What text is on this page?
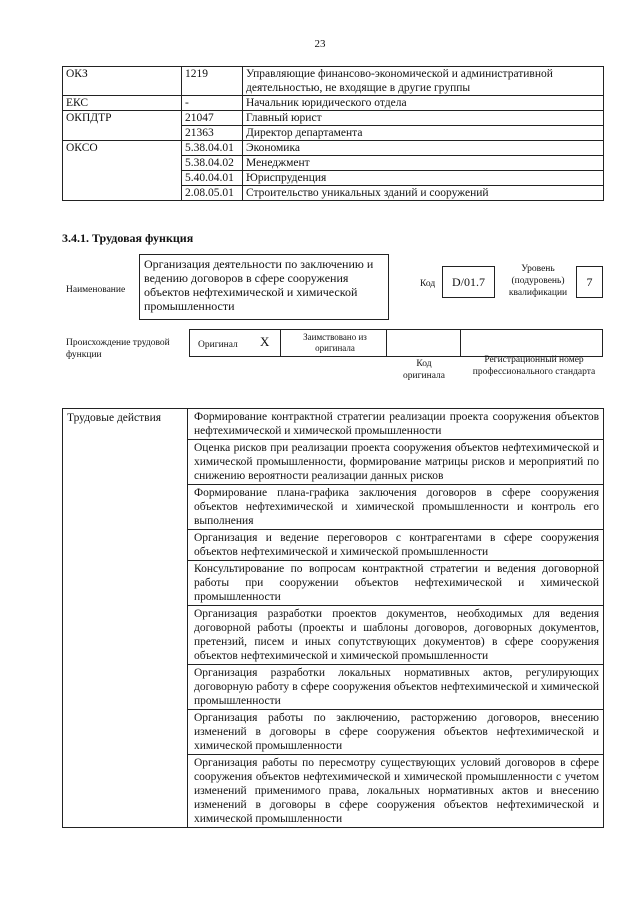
23
ОКЗ	1219	Управляющие финансово-экономической и административной деятельностью, не входящие в другие группы
ЕКС	-	Начальник юридического отдела
ОКПДТР	21047	Главный юрист
	21363	Директор департамента
ОКСО	5.38.04.01	Экономика
	5.38.04.02	Менеджмент
	5.40.04.01	Юриспруденция
	2.08.05.01	Строительство уникальных зданий и сооружений
3.4.1. Трудовая функция
Наименование
Организация деятельности по заключению и ведению договоров в сфере сооружения объектов нефтехимической и химической промышленности
Код	D/01.7
Уровень (подуровень) квалификации
7
Происхождение трудовой функции
Оригинал X	Заимствовано из оригинала
Код оригинала
Регистрационный номер профессионального стандарта
Трудовые действия	Формирование контрактной стратегии реализации проекта сооружения объектов нефтехимической и химической промышленности
Оценка рисков при реализации проекта сооружения объектов нефтехимической и химической промышленности, формирование матрицы рисков и мероприятий по снижению вероятности реализации данных рисков
Формирование плана-графика заключения договоров в сфере сооружения объектов нефтехимической и химической промышленности и контроль его выполнения
Организация и ведение переговоров с контрагентами в сфере сооружения объектов нефтехимической и химической промышленности
Консультирование по вопросам контрактной стратегии и ведения договорной работы при сооружении объектов нефтехимической и химической промышленности
Организация разработки проектов документов, необходимых для ведения договорной работы (проекты и шаблоны договоров, договорных документов, претензий, писем и иных сопутствующих документов) в сфере сооружения объектов нефтехимической и химической промышленности
Организация разработки локальных нормативных актов, регулирующих договорную работу в сфере сооружения объектов нефтехимической и химической промышленности
Организация работы по заключению, расторжению договоров, внесению изменений в договоры в сфере сооружения объектов нефтехимической и химической промышленности
Организация работы по пересмотру существующих условий договоров в сфере сооружения объектов нефтехимической и химической промышленности с учетом изменений применимого права, локальных нормативных актов и внесению изменений в договоры в сфере сооружения объектов нефтехимической и химической промышленности
